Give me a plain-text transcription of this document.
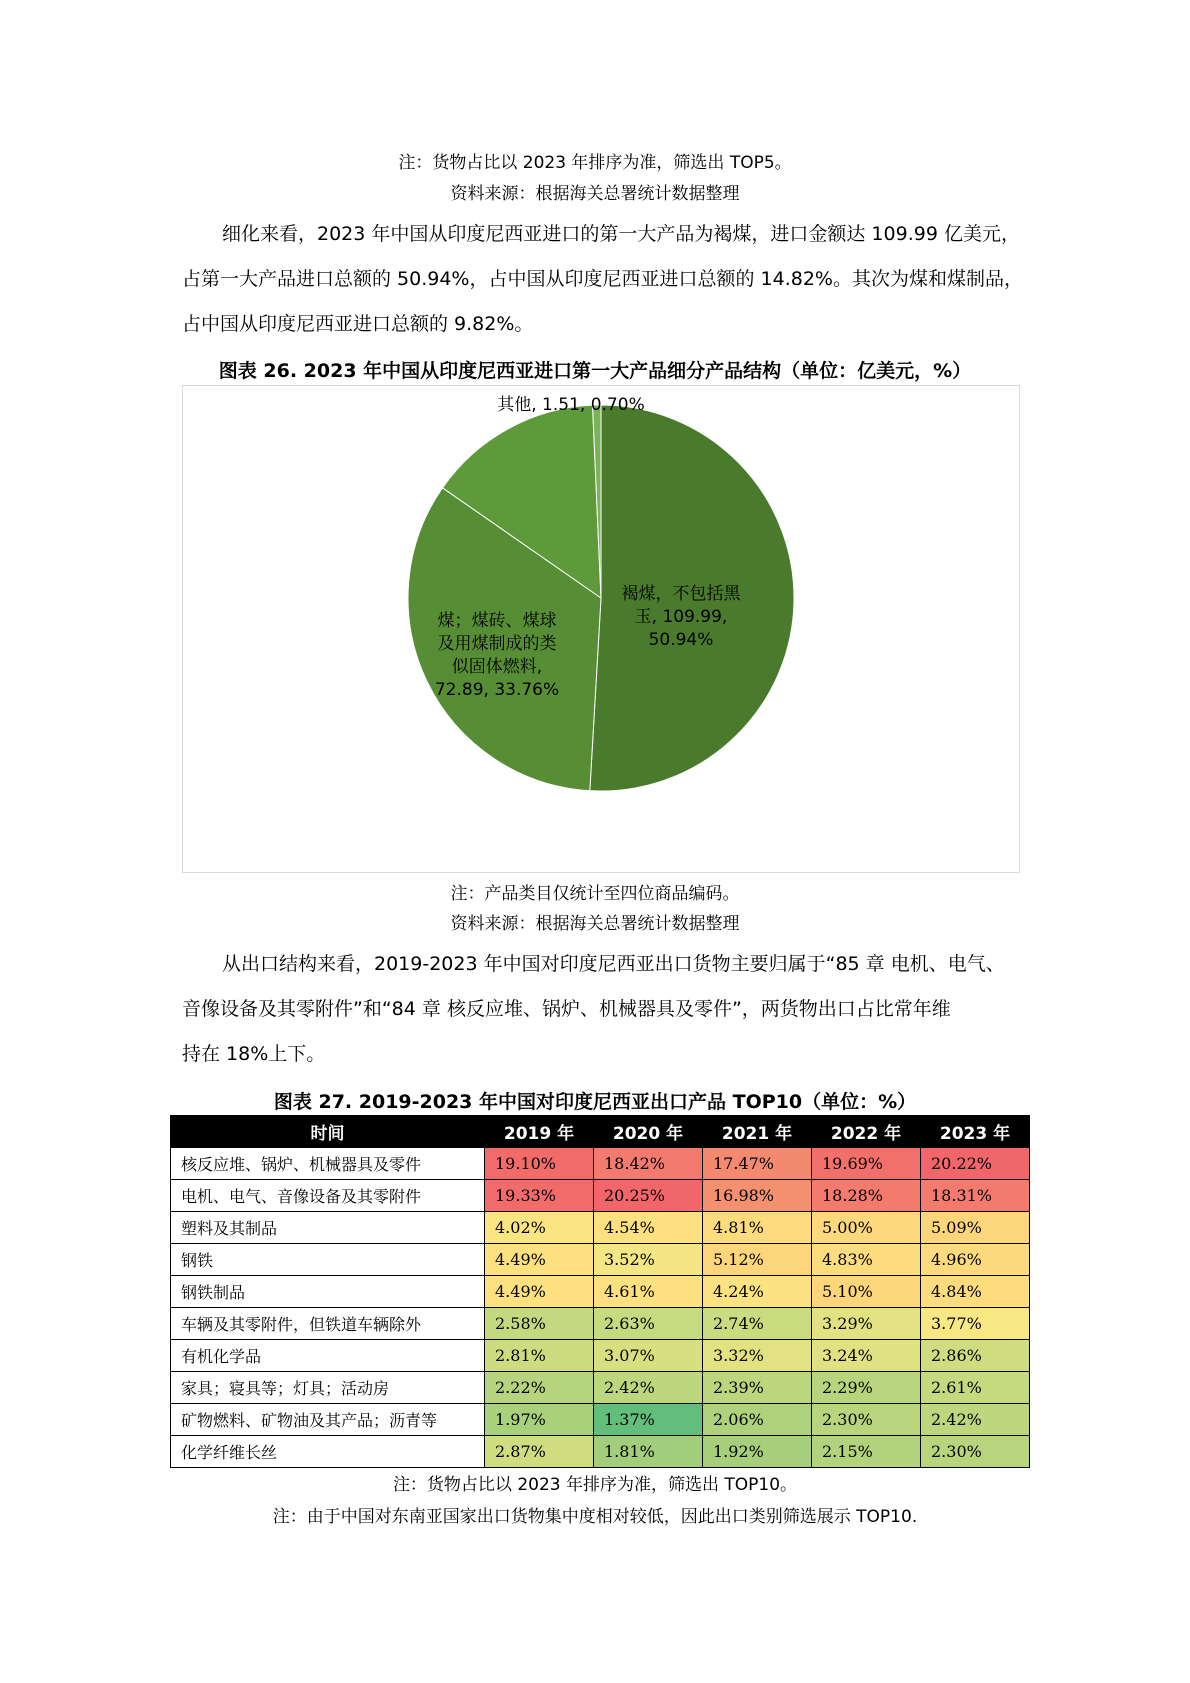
注：货物占比以 2023 年排序为准，筛选出 TOP5。
资料来源：根据海关总署统计数据整理
细化来看，2023 年中国从印度尼西亚进口的第一大产品为褐煤，进口金额达 109.99 亿美元，
占第一大产品进口总额的 50.94%，占中国从印度尼西亚进口总额的 14.82%。其次为煤和煤制品，
占中国从印度尼西亚进口总额的 9.82%。
图表 26. 2023 年中国从印度尼西亚进口第一大产品细分产品结构（单位：亿美元，%）
褐煤，不包括黑
玉, 109.99,
50.94%
煤；煤砖、煤球
及用煤制成的类
似固体燃料,
72.89, 33.76%
其他, 1.51, 0.70%
注：产品类目仅统计至四位商品编码。
资料来源：根据海关总署统计数据整理
从出口结构来看，2019-2023 年中国对印度尼西亚出口货物主要归属于“85 章 电机、电气、
音像设备及其零附件”和“84 章 核反应堆、锅炉、机械器具及零件”，两货物出口占比常年维
持在 18%上下。
图表 27. 2019-2023 年中国对印度尼西亚出口产品 TOP10（单位：%）
时间	2019 年	2020 年	2021 年	2022 年	2023 年
核反应堆、锅炉、机械器具及零件	19.10%	18.42%	17.47%	19.69%	20.22%
电机、电气、音像设备及其零附件	19.33%	20.25%	16.98%	18.28%	18.31%
塑料及其制品	4.02%	4.54%	4.81%	5.00%	5.09%
钢铁	4.49%	3.52%	5.12%	4.83%	4.96%
钢铁制品	4.49%	4.61%	4.24%	5.10%	4.84%
车辆及其零附件，但铁道车辆除外	2.58%	2.63%	2.74%	3.29%	3.77%
有机化学品	2.81%	3.07%	3.32%	3.24%	2.86%
家具；寝具等；灯具；活动房	2.22%	2.42%	2.39%	2.29%	2.61%
矿物燃料、矿物油及其产品；沥青等	1.97%	1.37%	2.06%	2.30%	2.42%
化学纤维长丝	2.87%	1.81%	1.92%	2.15%	2.30%
注：货物占比以 2023 年排序为准，筛选出 TOP10。
注：由于中国对东南亚国家出口货物集中度相对较低，因此出口类别筛选展示 TOP10.
